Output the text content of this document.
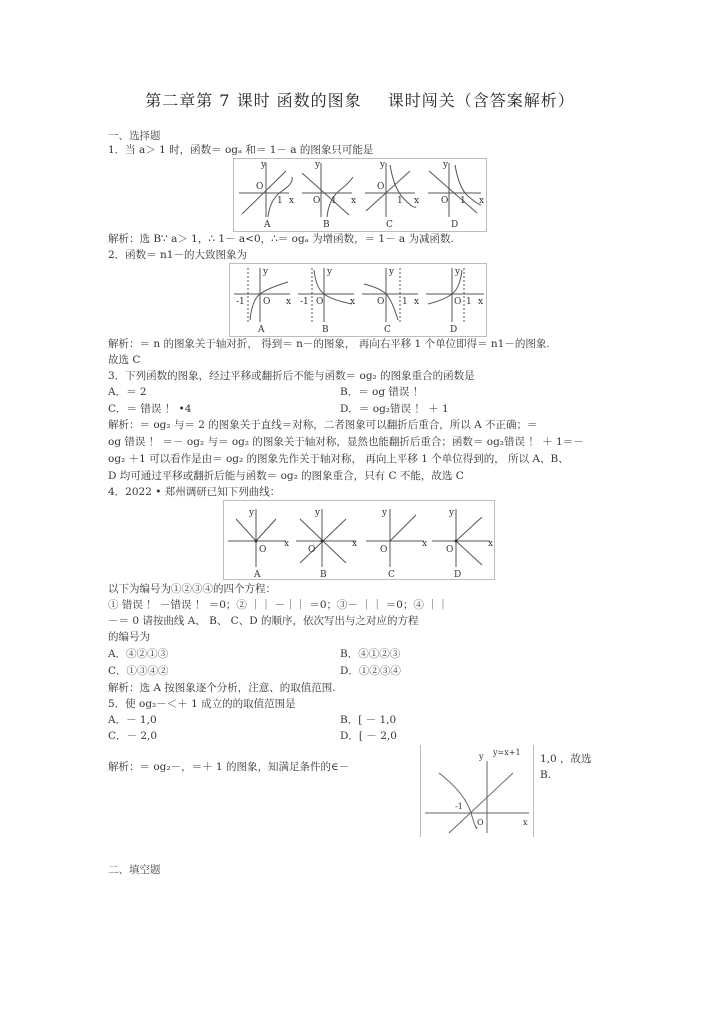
第二章第 7 课时 函数的图象 课时闯关（含答案解析）
一、选择题
1．当 a＞ 1 时，函数＝ ogₐ 和＝ 1－ a 的图象只可能是
y
O
1 x
A
y
O 1 x
B
y
O
1 x
C
y
O 1 x
D
解析：选 B∵ a＞ 1，∴ 1－ a<0，∴＝ ogₐ 为增函数，＝ 1－ a 为减函数.
2．函数＝ n1－的大致图象为
y
-1 O x
A
y
-1 O	x
B
y
O 1 x
C
y
O 1 x
D
解析：＝ n 的图象关于轴对折， 得到＝ n－的图象， 再向右平移 1 个单位即得＝ n1－的图象.
故选 C
3．下列函数的图象，经过平移或翻折后不能与函数＝ og₂ 的图象重合的函数是
A．＝ 2	B．＝ og 错误 ！
C．＝ 错误 ！ •4	D．＝ og₂错误 ！ ＋ 1
解析：＝ og₂ 与＝ 2 的图象关于直线＝对称，二者图象可以翻折后重合，所以 A 不正确；＝
og 错误 ！ ＝－ og₂ 与＝ og₂ 的图象关于轴对称，显然也能翻折后重合；函数＝ og₂错误 ！ ＋ 1＝－
og₂ ＋1 可以看作是由＝ og₂ 的图象先作关于轴对称， 再向上平移 1 个单位得到的， 所以 A、B、
D 均可通过平移或翻折后能与函数＝ og₂ 的图象重合，只有 C 不能，故选 C
4．2022 • 郑州调研已知下列曲线：
y
O
x
A
y
O
x
B
y
O
x
C
y
O
x
D
以下为编号为①②③④的四个方程：
① 错误 ！ －错误 ！ ＝0；② ｜｜ －｜｜ ＝0；③－ ｜｜ ＝0；④ ｜｜
－＝ 0 请按曲线 A、 B、 C、D 的顺序，依次写出与之对应的方程
的编号为
A．④②①③	B．④①②③
C．①③④②	D．①②③④
解析：选 A 按图象逐个分析，注意、的取值范围.
5．使 og₂－＜＋ 1 成立的的取值范围是
A．－ 1,0	B．[ － 1,0
C．－ 2,0	D．[ － 2,0
解析：＝ og₂－，＝＋ 1 的图象，知满足条件的∈－
y
x
O
-1
y=x+1
1,0 ，故选
B.
二、填空题
